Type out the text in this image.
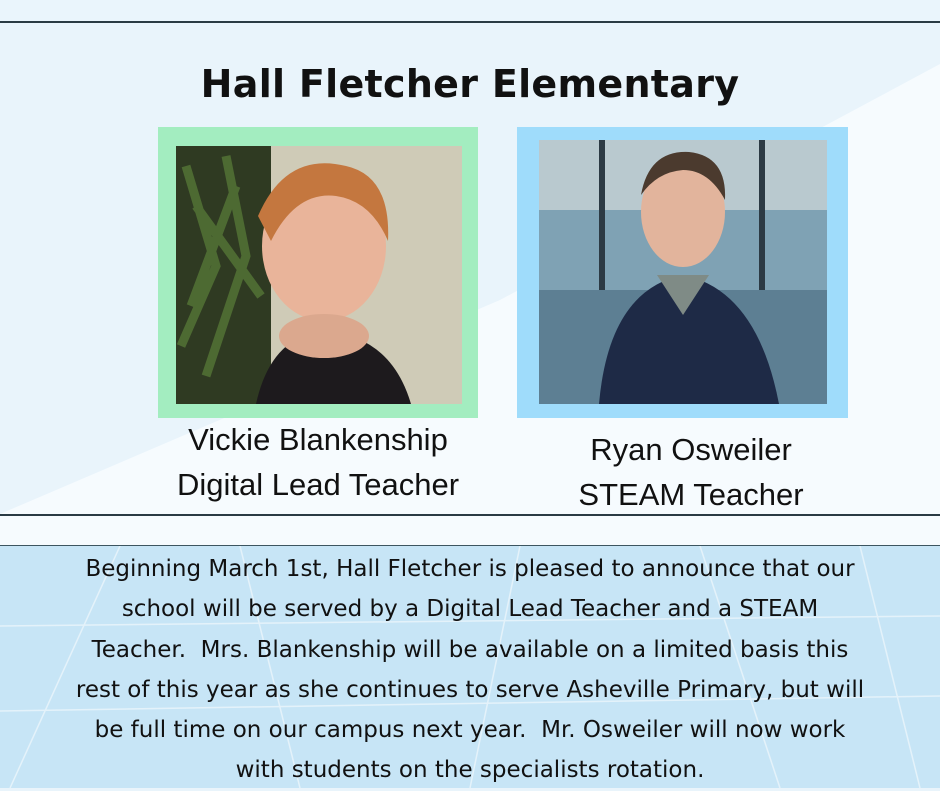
Hall Fletcher Elementary
Vickie Blankenship
Digital Lead Teacher
Ryan Osweiler
STEAM Teacher
Beginning March 1st, Hall Fletcher is pleased to announce that our
school will be served by a Digital Lead Teacher and a STEAM
Teacher.  Mrs. Blankenship will be available on a limited basis this
rest of this year as she continues to serve Asheville Primary, but will
be full time on our campus next year.  Mr. Osweiler will now work
with students on the specialists rotation.
